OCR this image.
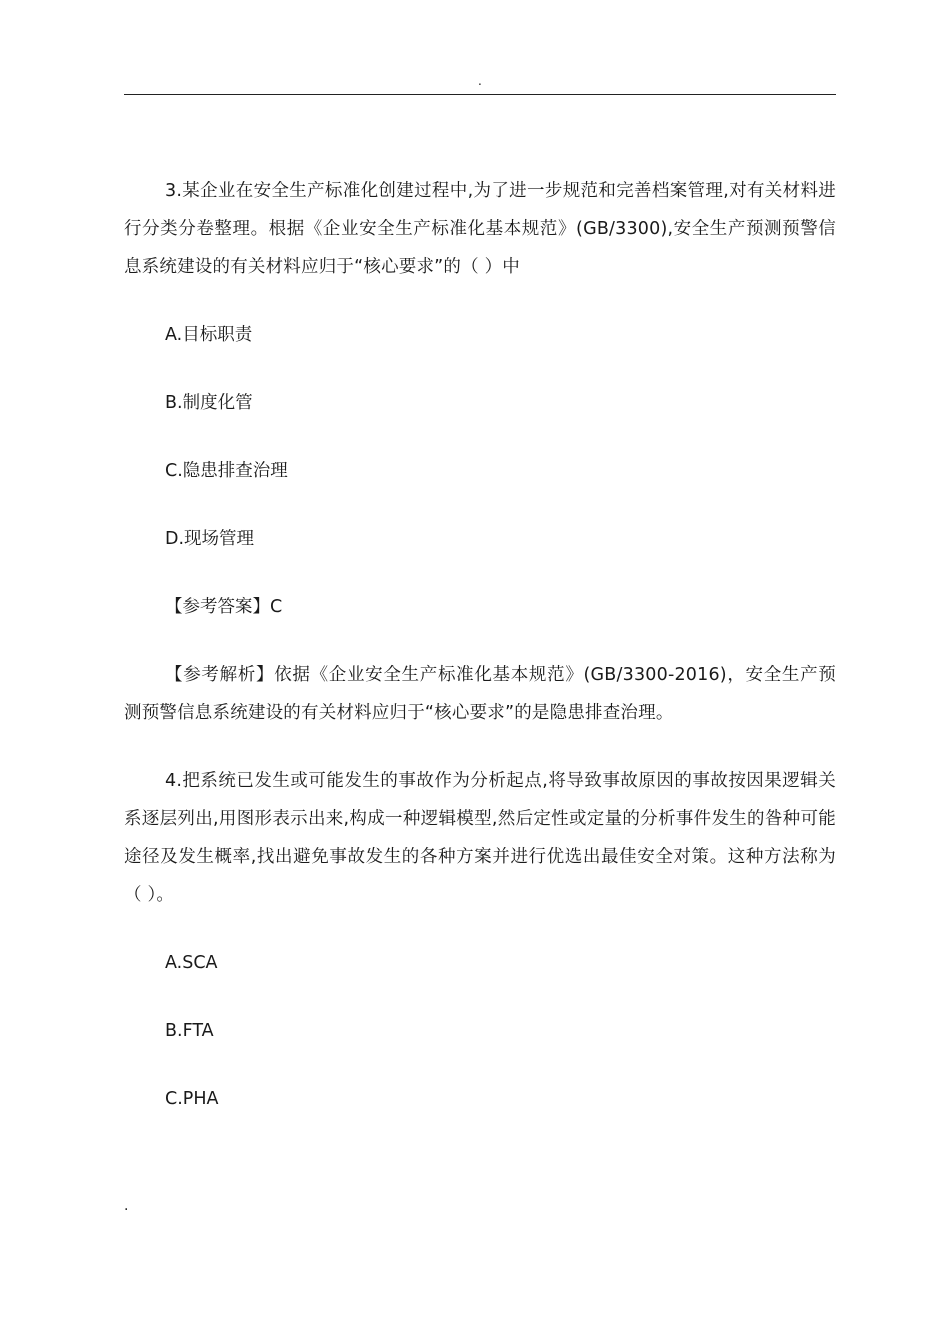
.

3.某企业在安全生产标准化创建过程中,为了进一步规范和完善档案管理,对有关材料进行分类分卷整理。根据《企业安全生产标准化基本规范》(GB/3300),安全生产预测预警信息系统建设的有关材料应归于“核心要求”的（ ）中

A.目标职责

B.制度化管

C.隐患排查治理

D.现场管理

【参考答案】C

【参考解析】依据《企业安全生产标准化基本规范》(GB/3300-2016)，安全生产预测预警信息系统建设的有关材料应归于“核心要求”的是隐患排查治理。

4.把系统已发生或可能发生的事故作为分析起点,将导致事故原因的事故按因果逻辑关系逐层列出,用图形表示出来,构成一种逻辑模型,然后定性或定量的分析事件发生的昝种可能途径及发生概率,找出避免事故发生的各种方案并进行优选出最佳安全对策。这种方法称为（ ）。

A.SCA

B.FTA

C.PHA

.
